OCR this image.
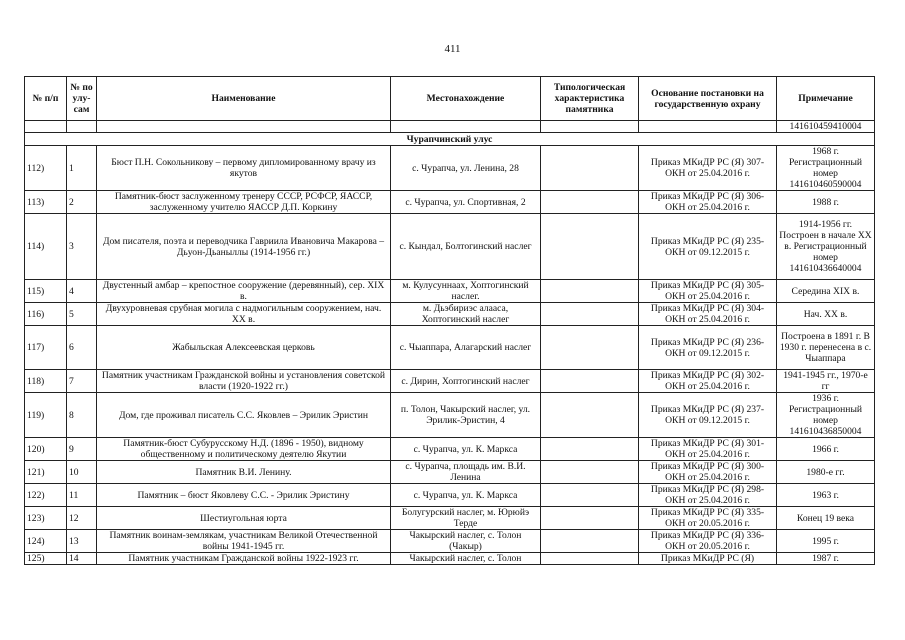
411
№ п/п	№ по улу-сам	Наименование	Местонахождение	Типологическая характеристика памятника	Основание постановки на государственную охрану	Примечание
						141610459410004
Чурапчинский улус						
112)	1	Бюст П.Н. Сокольникову – первому дипломированному врачу из якутов	с. Чурапча, ул. Ленина, 28		Приказ МКиДР РС (Я) 307-ОКН от 25.04.2016 г.	1968 г. Регистрационный номер 141610460590004
113)	2	Памятник-бюст заслуженному тренеру СССР, РСФСР, ЯАССР, заслуженному учителю ЯАССР Д.П. Коркину	с. Чурапча, ул. Спортивная, 2		Приказ МКиДР РС (Я) 306-ОКН от 25.04.2016 г.	1988 г.
114)	3	Дом писателя, поэта и переводчика Гавриила Ивановича Макарова – Дьуон-Дьаныллы (1914-1956 гг.)	с. Кындал, Болтогинский наслег		Приказ МКиДР РС (Я) 235-ОКН от 09.12.2015 г.	1914-1956 гг. Построен в начале XX в. Регистрационный номер 141610436640004
115)	4	Двустенный амбар – крепостное сооружение (деревянный), сер. XIX в.	м. Кулусуннаах, Хоптогинский наслег.		Приказ МКиДР РС (Я) 305-ОКН от 25.04.2016 г.	Середина XIX в.
116)	5	Двухуровневая срубная могила с надмогильным сооружением, нач. XX в.	м. Дьэбириэс алааса, Хоптогинский наслег		Приказ МКиДР РС (Я) 304-ОКН от 25.04.2016 г.	Нач. XX в.
117)	6	Жабыльская Алексеевская церковь	с. Чыаппара, Алагарский наслег		Приказ МКиДР РС (Я) 236-ОКН от 09.12.2015 г.	Построена в 1891 г. В 1930 г. перенесена в с. Чыаппара
118)	7	Памятник участникам Гражданской войны и установления советской власти (1920-1922 гг.)	с. Дирин, Хоптогинский наслег		Приказ МКиДР РС (Я) 302-ОКН от 25.04.2016 г.	1941-1945 гг., 1970-е гг
119)	8	Дом, где проживал писатель С.С. Яковлев – Эрилик Эристин	п. Толон, Чакырский наслег, ул. Эрилик-Эристин, 4		Приказ МКиДР РС (Я) 237-ОКН от 09.12.2015 г.	1936 г. Регистрационный номер 141610436850004
120)	9	Памятник-бюст Субурусскому Н.Д. (1896 - 1950), видному общественному и политическому деятелю Якутии	с. Чурапча, ул. К. Маркса		Приказ МКиДР РС (Я) 301-ОКН от 25.04.2016 г.	1966 г.
121)	10	Памятник В.И. Ленину.	с. Чурапча, площадь им. В.И. Ленина		Приказ МКиДР РС (Я) 300-ОКН от 25.04.2016 г.	1980-е гг.
122)	11	Памятник – бюст Яковлеву С.С. - Эрилик Эристину	с. Чурапча, ул. К. Маркса		Приказ МКиДР РС (Я) 298-ОКН от 25.04.2016 г.	1963 г.
123)	12	Шестиугольная юрта	Болугурский наслег, м. Юрюйэ Терде		Приказ МКиДР РС (Я) 335-ОКН от 20.05.2016 г.	Конец 19 века
124)	13	Памятник воинам-землякам, участникам Великой Отечественной войны 1941-1945 гг.	Чакырский наслег, с. Толон (Чакыр)		Приказ МКиДР РС (Я) 336-ОКН от 20.05.2016 г.	1995 г.
125)	14	Памятник участникам Гражданской войны 1922-1923 гг.	Чакырский наслег, с. Толон		Приказ МКиДР РС (Я)	1987 г.
